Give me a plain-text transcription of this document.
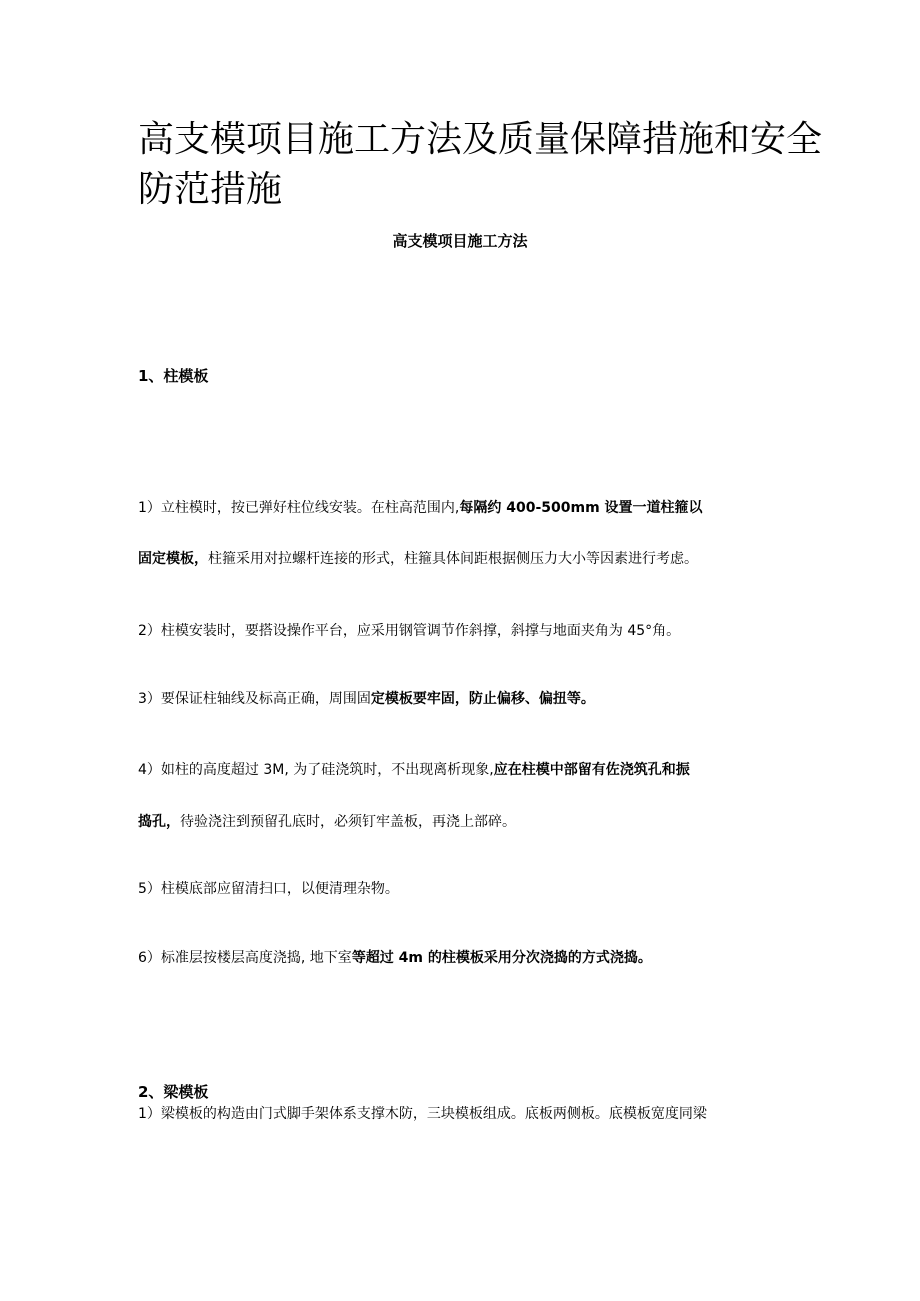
高支模项目施工方法及质量保障措施和安全
防范措施
高支模项目施工方法
1、柱模板

1）立柱模时，按已弹好柱位线安装。在柱高范围内,每隔约 400-500mm 设置一道柱箍以

固定模板，柱箍采用对拉螺杆连接的形式，柱箍具体间距根据侧压力大小等因素进行考虑。

2）柱模安装时，要搭设操作平台，应采用钢管调节作斜撑，斜撑与地面夹角为 45°角。

3）要保证柱轴线及标高正确，周围固定模板要牢固，防止偏移、偏扭等。

4）如柱的高度超过 3M, 为了硅浇筑时，不出现离析现象,应在柱模中部留有佐浇筑孔和振

捣孔，待验浇注到预留孔底时，必须钉牢盖板，再浇上部碎。

5）柱模底部应留清扫口，以便清理杂物。

6）标准层按楼层高度浇捣, 地下室等超过 4m 的柱模板采用分次浇捣的方式浇捣。

2、梁模板

1）梁模板的构造由门式脚手架体系支撑木防，三块模板组成。底板两侧板。底模板宽度同梁
